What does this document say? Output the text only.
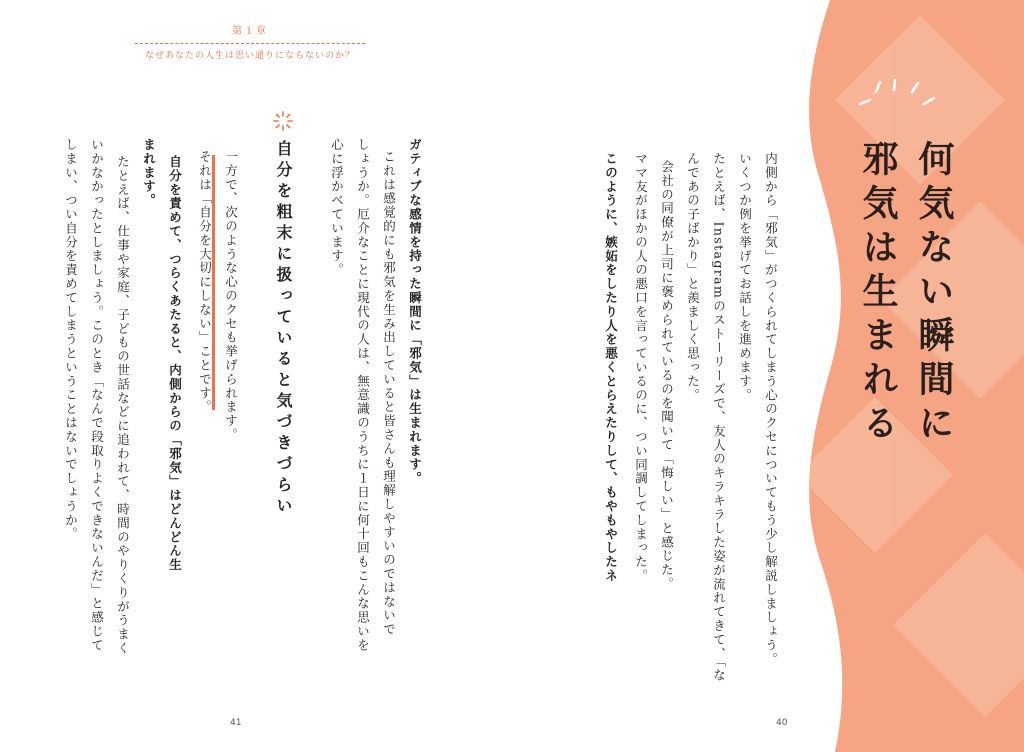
第１章
なぜあなたの人生は思い通りにならないのか？
ガティブな感情を持った瞬間に「邪気」は生まれます。
これは感覚的にも邪気を生み出していると皆さんも理解しやすいのではないで
しょうか。厄介なことに現代の人は、無意識のうちに１日に何十回もこんな思いを
心に浮かべています。
自分を粗末に扱っていると気づきづらい
一方で、次のような心のクセも挙げられます。
それは「自分を大切にしない」ことです。
自分を責めて、つらくあたると、内側からの「邪気」はどんどん生
まれます。
たとえば、仕事や家庭、子どもの世話などに追われて、時間のやりくりがうまく
いかなかったとしましょう。このとき「なんで段取りよくできないんだ」と感じて
しまい、つい自分を責めてしまうということはないでしょうか。
41
内側から「邪気」がつくられてしまう心のクセについてもう少し解説しましょう。
いくつか例を挙げてお話しを進めます。
たとえば、Instagramのストーリーズで、友人のキラキラした姿が流れてきて、「な
んであの子ばかり」と羨ましく思った。
会社の同僚が上司に褒められているのを聞いて「悔しい」と感じた。
ママ友がほかの人の悪口を言っているのに、つい同調してしまった。
このように、嫉妬をしたり人を悪くとらえたりして、もやもやしたネ
40
何気ない瞬間に
邪気は生まれる
